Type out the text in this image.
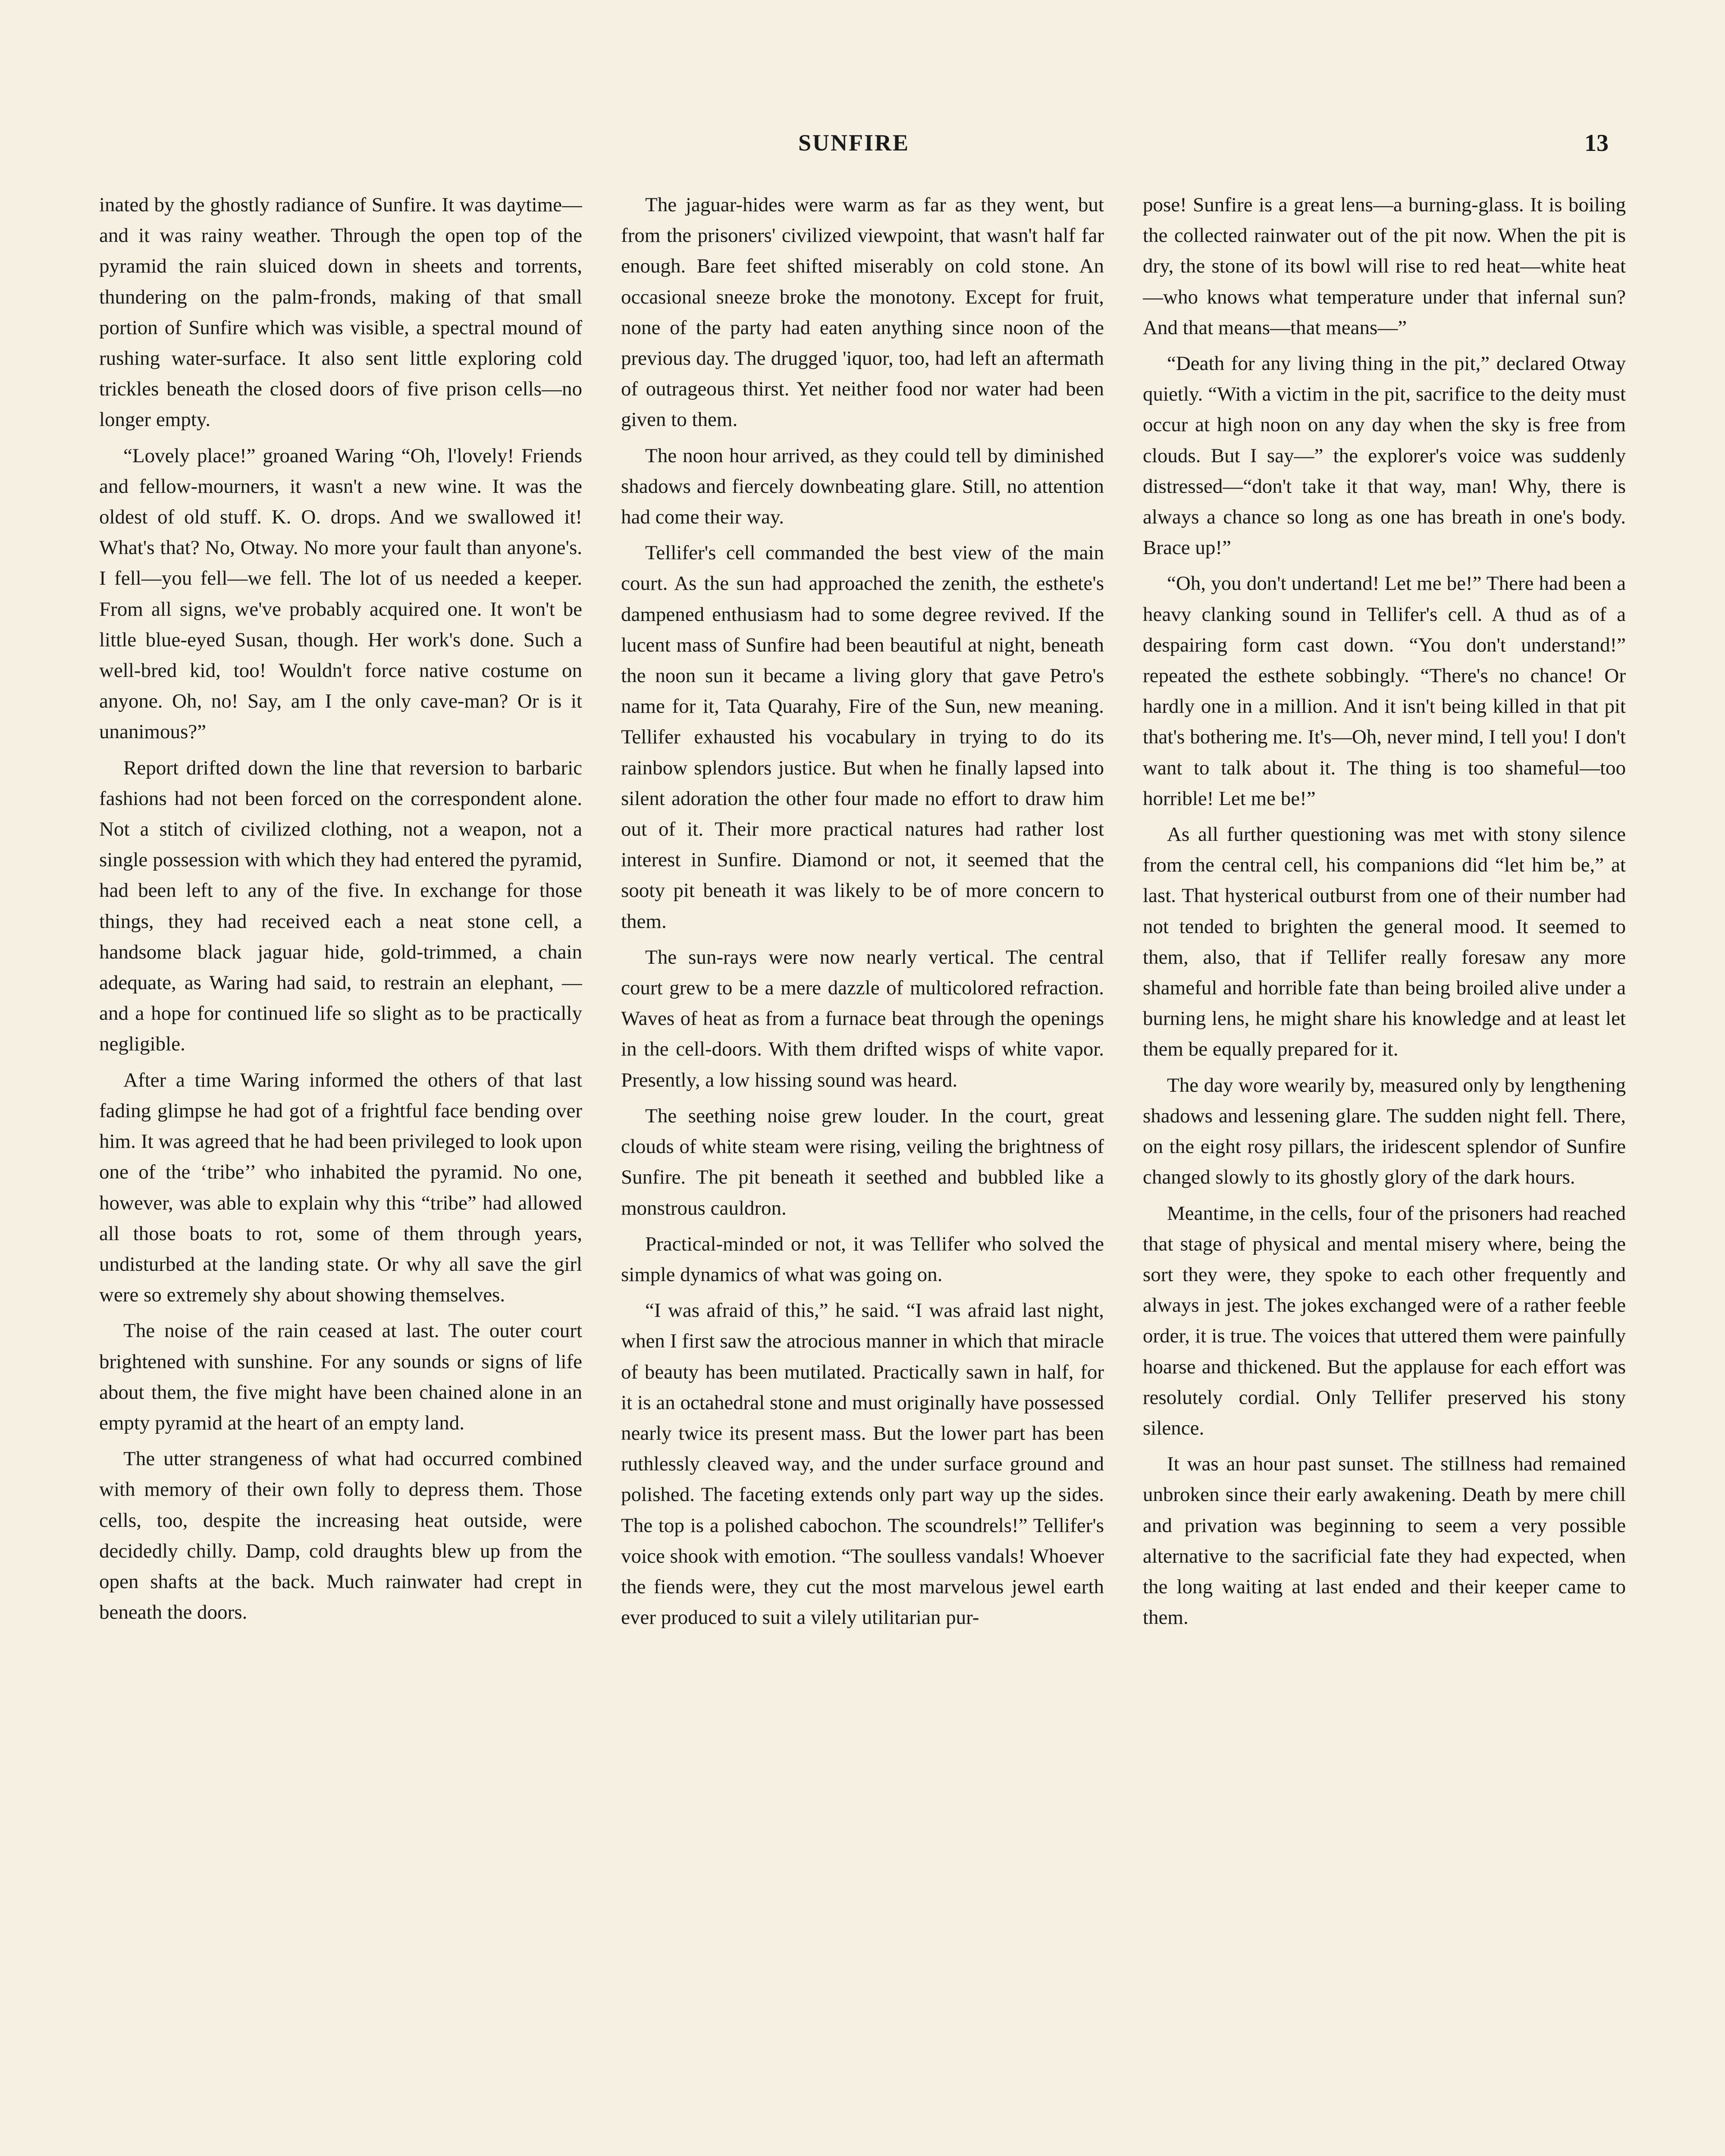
SUNFIRE	13

inated by the ghostly radiance of Sunfire. It was daytime—and it was rainy weather. Through the open top of the pyramid the rain sluiced down in sheets and torrents, thundering on the palm-fronds, making of that small portion of Sunfire which was visible, a spectral mound of rushing water-surface. It also sent little exploring cold trickles beneath the closed doors of five prison cells—no longer empty.

“Lovely place!” groaned Waring “Oh, l'lovely! Friends and fellow-mourners, it wasn't a new wine. It was the oldest of old stuff. K. O. drops. And we swallowed it! What's that? No, Otway. No more your fault than anyone's. I fell—you fell—we fell. The lot of us needed a keeper. From all signs, we've probably acquired one. It won't be little blue-eyed Susan, though. Her work's done. Such a well-bred kid, too! Wouldn't force native costume on anyone. Oh, no! Say, am I the only cave-man? Or is it unanimous?”

Report drifted down the line that reversion to barbaric fashions had not been forced on the correspondent alone. Not a stitch of civilized clothing, not a weapon, not a single possession with which they had entered the pyramid, had been left to any of the five. In exchange for those things, they had received each a neat stone cell, a handsome black jaguar hide, gold-trimmed, a chain adequate, as Waring had said, to restrain an elephant, —and a hope for continued life so slight as to be practically negligible.

After a time Waring informed the others of that last fading glimpse he had got of a frightful face bending over him. It was agreed that he had been privileged to look upon one of the ‘tribe’’ who inhabited the pyramid. No one, however, was able to explain why this “tribe” had allowed all those boats to rot, some of them through years, undisturbed at the landing state. Or why all save the girl were so extremely shy about showing themselves.

The noise of the rain ceased at last. The outer court brightened with sunshine. For any sounds or signs of life about them, the five might have been chained alone in an empty pyramid at the heart of an empty land.

The utter strangeness of what had occurred combined with memory of their own folly to depress them. Those cells, too, despite the increasing heat outside, were decidedly chilly. Damp, cold draughts blew up from the open shafts at the back. Much rainwater had crept in beneath the doors.

The jaguar-hides were warm as far as they went, but from the prisoners' civilized viewpoint, that wasn't half far enough. Bare feet shifted miserably on cold stone. An occasional sneeze broke the monotony. Except for fruit, none of the party had eaten anything since noon of the previous day. The drugged 'iquor, too, had left an aftermath of outrageous thirst. Yet neither food nor water had been given to them.

The noon hour arrived, as they could tell by diminished shadows and fiercely downbeating glare. Still, no attention had come their way.

Tellifer's cell commanded the best view of the main court. As the sun had approached the zenith, the esthete's dampened enthusiasm had to some degree revived. If the lucent mass of Sunfire had been beautiful at night, beneath the noon sun it became a living glory that gave Petro's name for it, Tata Quarahy, Fire of the Sun, new meaning. Tellifer exhausted his vocabulary in trying to do its rainbow splendors justice. But when he finally lapsed into silent adoration the other four made no effort to draw him out of it. Their more practical natures had rather lost interest in Sunfire. Diamond or not, it seemed that the sooty pit beneath it was likely to be of more concern to them.

The sun-rays were now nearly vertical. The central court grew to be a mere dazzle of multicolored refraction. Waves of heat as from a furnace beat through the openings in the cell-doors. With them drifted wisps of white vapor. Presently, a low hissing sound was heard.

The seething noise grew louder. In the court, great clouds of white steam were rising, veiling the brightness of Sunfire. The pit beneath it seethed and bubbled like a monstrous cauldron.

Practical-minded or not, it was Tellifer who solved the simple dynamics of what was going on.

“I was afraid of this,” he said. “I was afraid last night, when I first saw the atrocious manner in which that miracle of beauty has been mutilated. Practically sawn in half, for it is an octahedral stone and must originally have possessed nearly twice its present mass. But the lower part has been ruthlessly cleaved way, and the under surface ground and polished. The faceting extends only part way up the sides. The top is a polished cabochon. The scoundrels!” Tellifer's voice shook with emotion. “The soulless vandals! Whoever the fiends were, they cut the most marvelous jewel earth ever produced to suit a vilely utilitarian pur-

pose! Sunfire is a great lens—a burning-glass. It is boiling the collected rainwater out of the pit now. When the pit is dry, the stone of its bowl will rise to red heat—white heat—who knows what temperature under that infernal sun? And that means—that means—”

“Death for any living thing in the pit,” declared Otway quietly. “With a victim in the pit, sacrifice to the deity must occur at high noon on any day when the sky is free from clouds. But I say—” the explorer's voice was suddenly distressed—“don't take it that way, man! Why, there is always a chance so long as one has breath in one's body. Brace up!”

“Oh, you don't undertand! Let me be!” There had been a heavy clanking sound in Tellifer's cell. A thud as of a despairing form cast down. “You don't understand!” repeated the esthete sobbingly. “There's no chance! Or hardly one in a million. And it isn't being killed in that pit that's bothering me. It's—Oh, never mind, I tell you! I don't want to talk about it. The thing is too shameful—too horrible! Let me be!”

As all further questioning was met with stony silence from the central cell, his companions did “let him be,” at last. That hysterical outburst from one of their number had not tended to brighten the general mood. It seemed to them, also, that if Tellifer really foresaw any more shameful and horrible fate than being broiled alive under a burning lens, he might share his knowledge and at least let them be equally prepared for it.

The day wore wearily by, measured only by lengthening shadows and lessening glare. The sudden night fell. There, on the eight rosy pillars, the iridescent splendor of Sunfire changed slowly to its ghostly glory of the dark hours.

Meantime, in the cells, four of the prisoners had reached that stage of physical and mental misery where, being the sort they were, they spoke to each other frequently and always in jest. The jokes exchanged were of a rather feeble order, it is true. The voices that uttered them were painfully hoarse and thickened. But the applause for each effort was resolutely cordial. Only Tellifer preserved his stony silence.

It was an hour past sunset. The stillness had remained unbroken since their early awakening. Death by mere chill and privation was beginning to seem a very possible alternative to the sacrificial fate they had expected, when the long waiting at last ended and their keeper came to them.
